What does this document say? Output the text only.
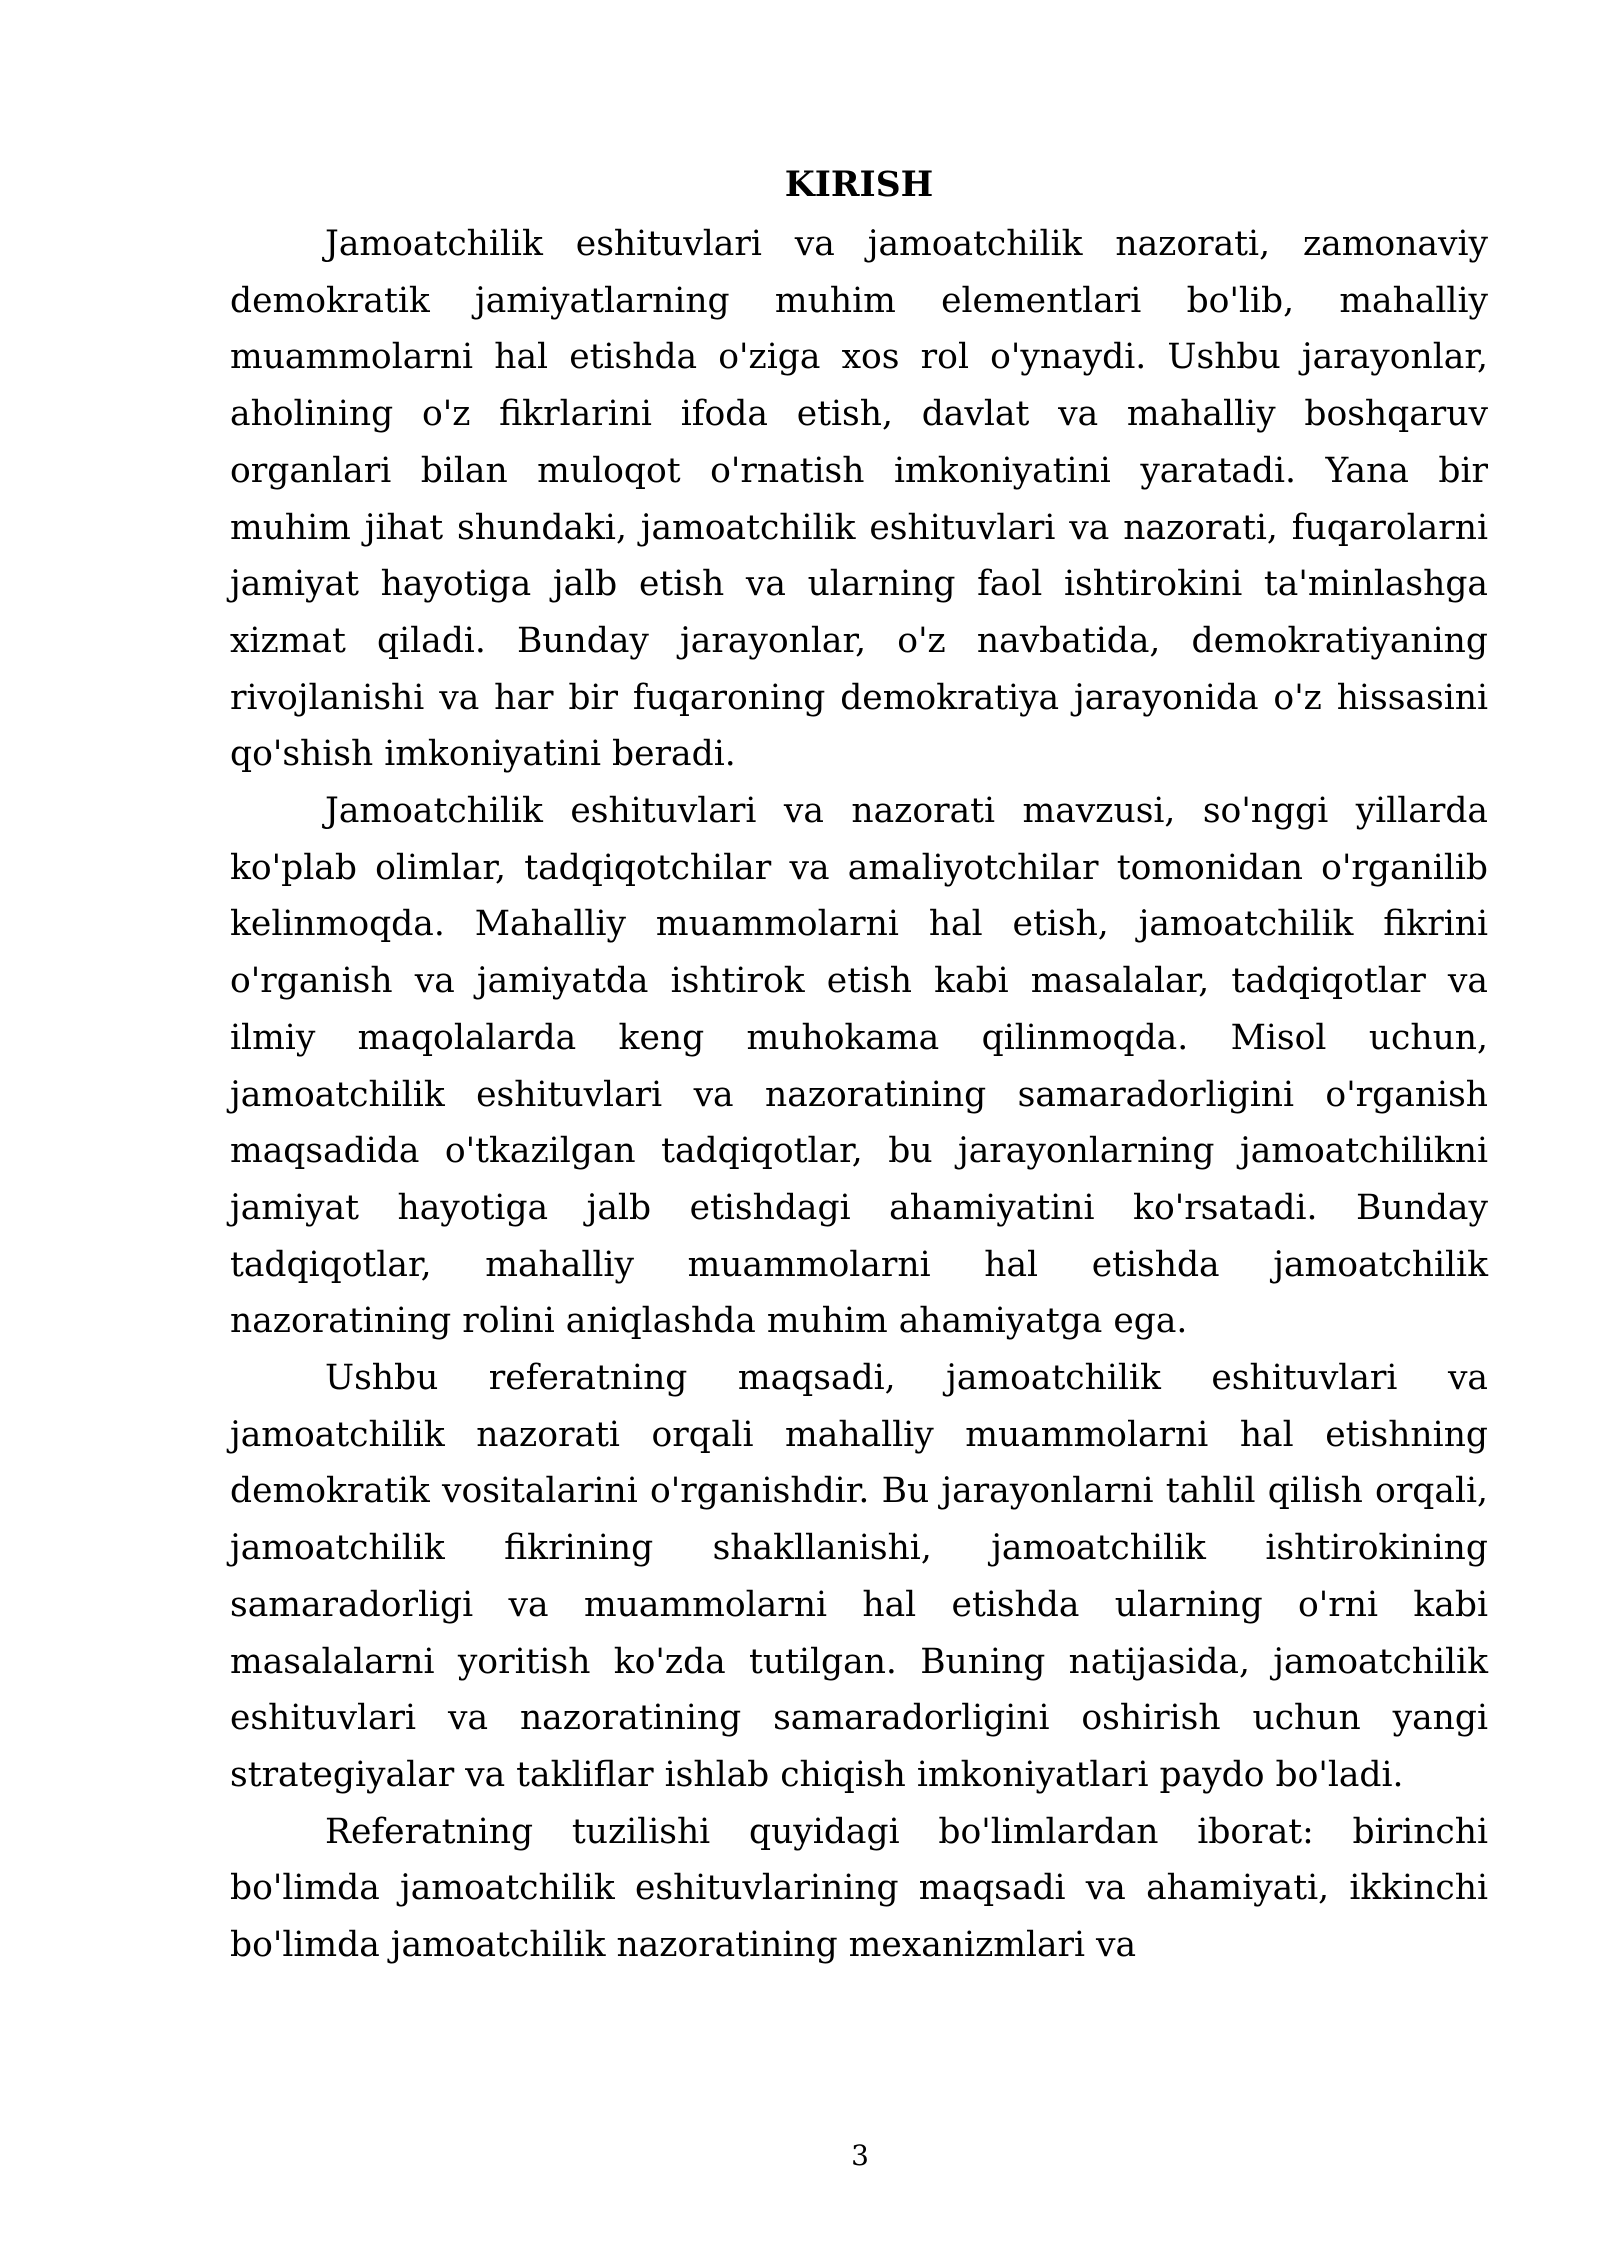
KIRISH

Jamoatchilik eshituvlari va jamoatchilik nazorati, zamonaviy demokratik jamiyatlarning muhim elementlari bo'lib, mahalliy muammolarni hal etishda o'ziga xos rol o'ynaydi. Ushbu jarayonlar, aholining o'z fikrlarini ifoda etish, davlat va mahalliy boshqaruv organlari bilan muloqot o'rnatish imkoniyatini yaratadi. Yana bir muhim jihat shundaki, jamoatchilik eshituvlari va nazorati, fuqarolarni jamiyat hayotiga jalb etish va ularning faol ishtirokini ta'minlashga xizmat qiladi. Bunday jarayonlar, o'z navbatida, demokratiyaning rivojlanishi va har bir fuqaroning demokratiya jarayonida o'z hissasini qo'shish imkoniyatini beradi.

Jamoatchilik eshituvlari va nazorati mavzusi, so'nggi yillarda ko'plab olimlar, tadqiqotchilar va amaliyotchilar tomonidan o'rganilib kelinmoqda. Mahalliy muammolarni hal etish, jamoatchilik fikrini o'rganish va jamiyatda ishtirok etish kabi masalalar, tadqiqotlar va ilmiy maqolalarda keng muhokama qilinmoqda. Misol uchun, jamoatchilik eshituvlari va nazoratining samaradorligini o'rganish maqsadida o'tkazilgan tadqiqotlar, bu jarayonlarning jamoatchilikni jamiyat hayotiga jalb etishdagi ahamiyatini ko'rsatadi. Bunday tadqiqotlar, mahalliy muammolarni hal etishda jamoatchilik nazoratining rolini aniqlashda muhim ahamiyatga ega.

Ushbu referatning maqsadi, jamoatchilik eshituvlari va jamoatchilik nazorati orqali mahalliy muammolarni hal etishning demokratik vositalarini o'rganishdir. Bu jarayonlarni tahlil qilish orqali, jamoatchilik fikrining shakllanishi, jamoatchilik ishtirokining samaradorligi va muammolarni hal etishda ularning o'rni kabi masalalarni yoritish ko'zda tutilgan. Buning natijasida, jamoatchilik eshituvlari va nazoratining samaradorligini oshirish uchun yangi strategiyalar va takliflar ishlab chiqish imkoniyatlari paydo bo'ladi.

Referatning tuzilishi quyidagi bo'limlardan iborat: birinchi bo'limda jamoatchilik eshituvlarining maqsadi va ahamiyati, ikkinchi bo'limda jamoatchilik nazoratining mexanizmlari va

3
